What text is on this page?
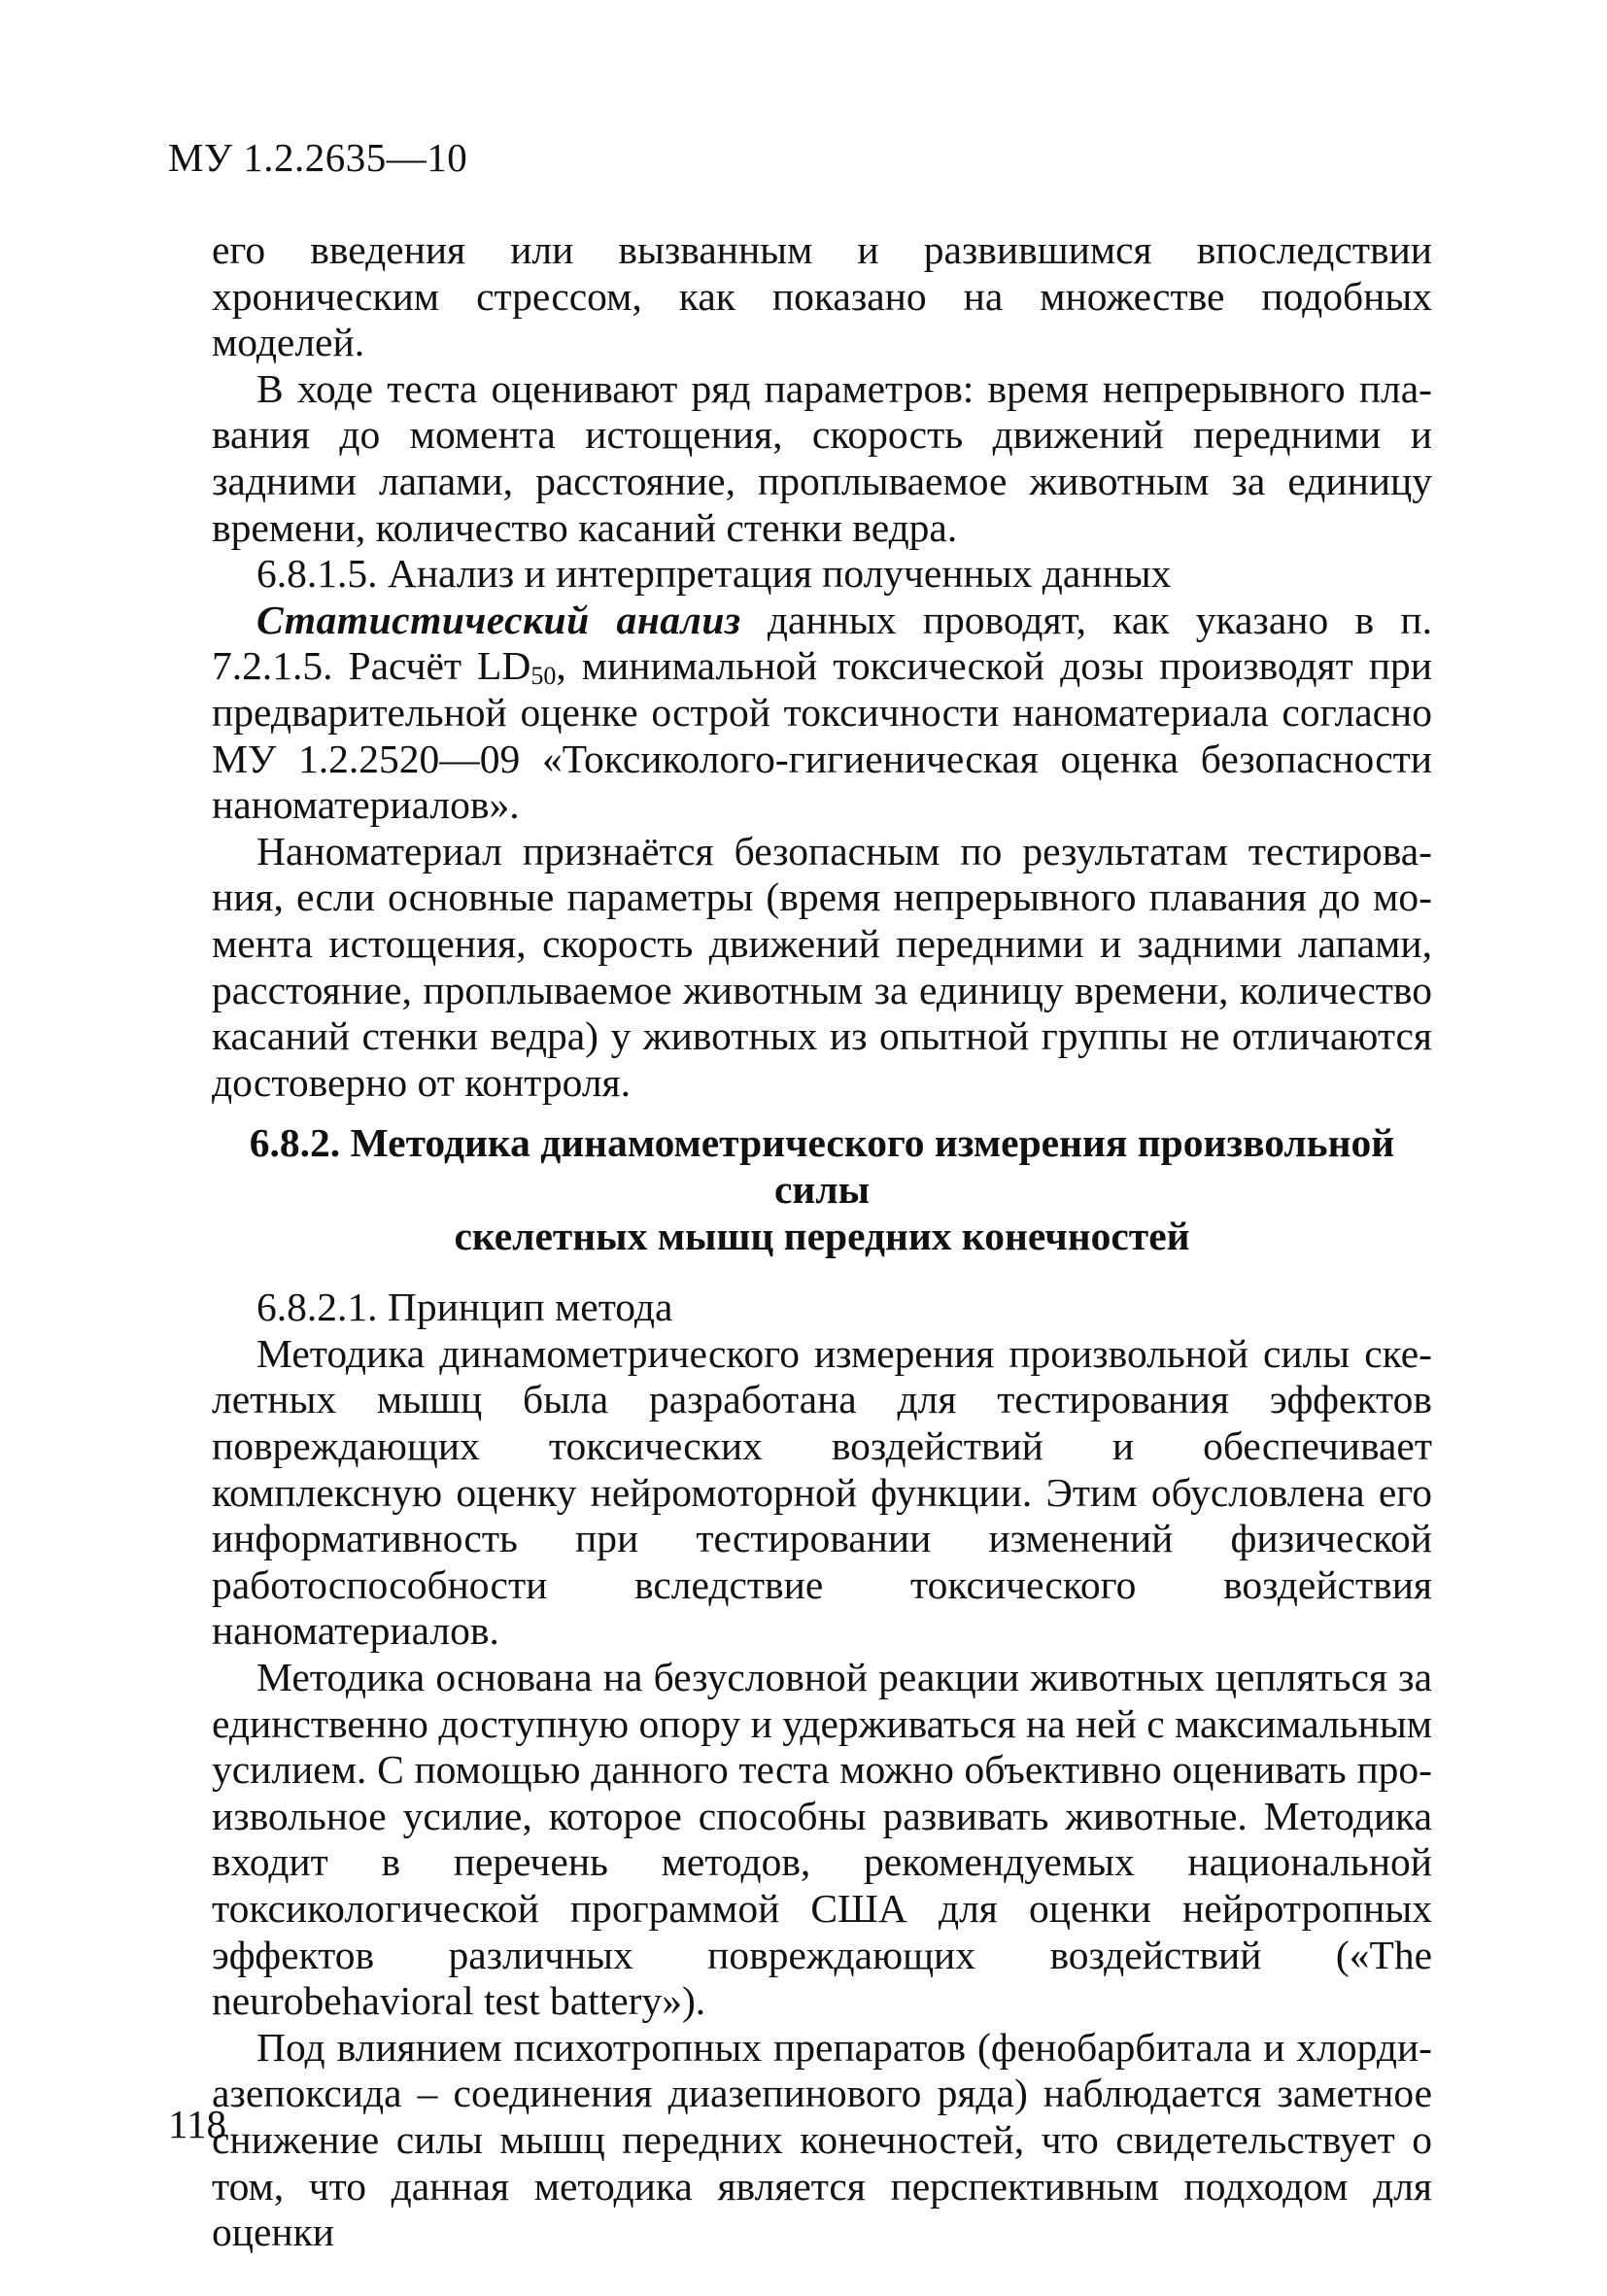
МУ 1.2.2635—10

его введения или вызванным и развившимся впоследствии хроническим стрессом, как показано на множестве подобных моделей.

В ходе теста оценивают ряд параметров: время непрерывного плавания до момента истощения, скорость движений передними и задними лапами, расстояние, проплываемое животным за единицу времени, количество касаний стенки ведра.

6.8.1.5. Анализ и интерпретация полученных данных

Статистический анализ данных проводят, как указано в п. 7.2.1.5. Расчёт $LD_{50}$, минимальной токсической дозы производят при предварительной оценке острой токсичности наноматериала согласно МУ 1.2.2520—09 «Токсиколого-гигиеническая оценка безопасности наноматериалов».

Наноматериал признаётся безопасным по результатам тестирования, если основные параметры (время непрерывного плавания до момента истощения, скорость движений передними и задними лапами, расстояние, проплываемое животным за единицу времени, количество касаний стенки ведра) у животных из опытной группы не отличаются достоверно от контроля.

6.8.2. Методика динамометрического измерения произвольной силы
скелетных мышц передних конечностей

6.8.2.1. Принцип метода

Методика динамометрического измерения произвольной силы скелетных мышц была разработана для тестирования эффектов повреждающих токсических воздействий и обеспечивает комплексную оценку нейромоторной функции. Этим обусловлена его информативность при тестировании изменений физической работоспособности вследствие токсического воздействия наноматериалов.

Методика основана на безусловной реакции животных цепляться за единственно доступную опору и удерживаться на ней с максимальным усилием. С помощью данного теста можно объективно оценивать произвольное усилие, которое способны развивать животные. Методика входит в перечень методов, рекомендуемых национальной токсикологической программой США для оценки нейротропных эффектов различных повреждающих воздействий («The neurobehavioral test battery»).

Под влиянием психотропных препаратов (фенобарбитала и хлордиазепоксида – соединения диазепинового ряда) наблюдается заметное снижение силы мышц передних конечностей, что свидетельствует о том, что данная методика является перспективным подходом для оценки

118
